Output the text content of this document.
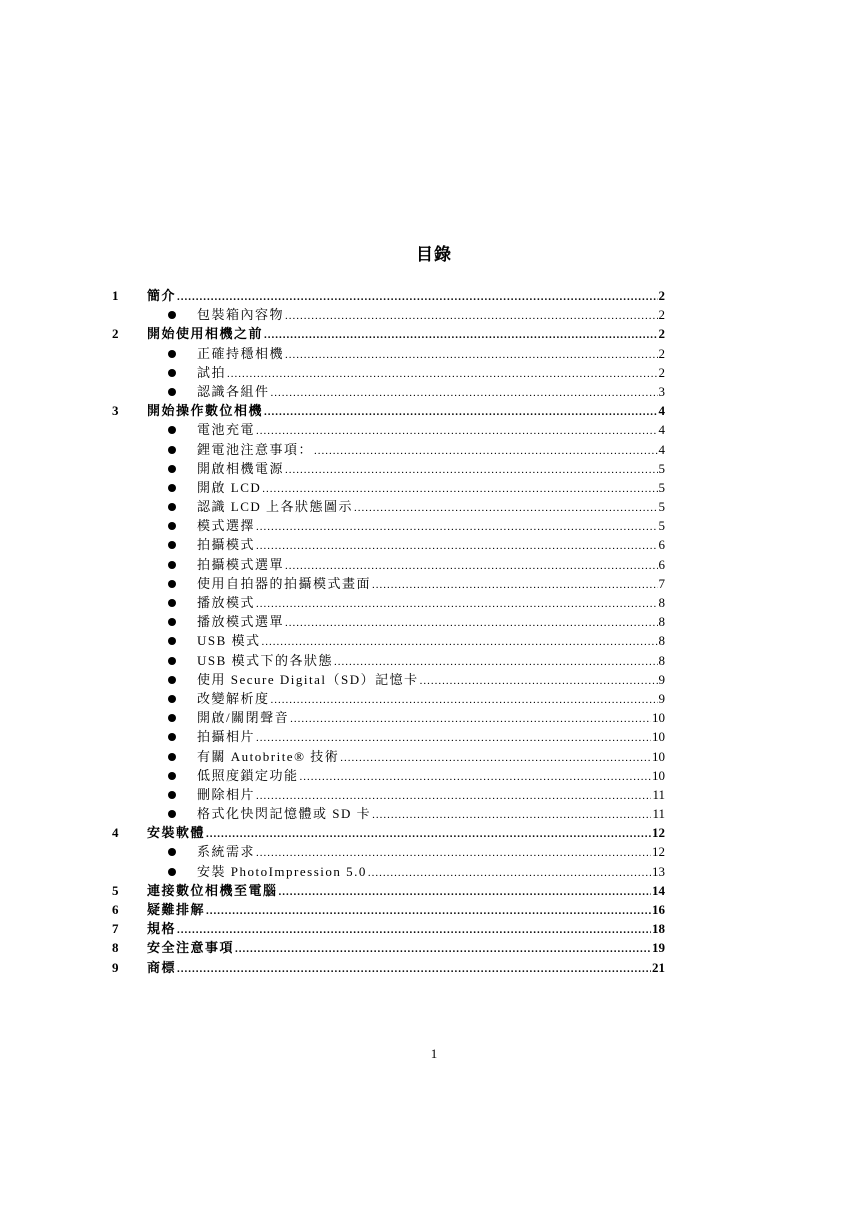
目錄
1 簡介 .....	2
包裝箱內容物 .....	2
2 開始使用相機之前 .....	2
正確持穩相機 .....	2
試拍 .....	2
認識各組件 .....	3
3 開始操作數位相機 .....	4
電池充電 .....	4
鋰電池注意事項： .....	4
開啟相機電源 .....	5
開啟 LCD .....	5
認識 LCD 上各狀態圖示 .....	5
模式選擇 .....	5
拍攝模式 .....	6
拍攝模式選單 .....	6
使用自拍器的拍攝模式畫面 .....	7
播放模式 .....	8
播放模式選單 .....	8
USB 模式 .....	8
USB 模式下的各狀態 .....	8
使用 Secure Digital（SD）記憶卡 .....	9
改變解析度 .....	9
開啟/關閉聲音 .....	10
拍攝相片 .....	10
有關 Autobrite® 技術 .....	10
低照度鎖定功能 .....	10
刪除相片 .....	11
格式化快閃記憶體或 SD 卡 .....	11
4 安裝軟體 .....	12
系統需求 .....	12
安裝 PhotoImpression 5.0 .....	13
5 連接數位相機至電腦 .....	14
6 疑難排解 .....	16
7 規格 .....	18
8 安全注意事項 .....	19
9 商標 .....	21

1
